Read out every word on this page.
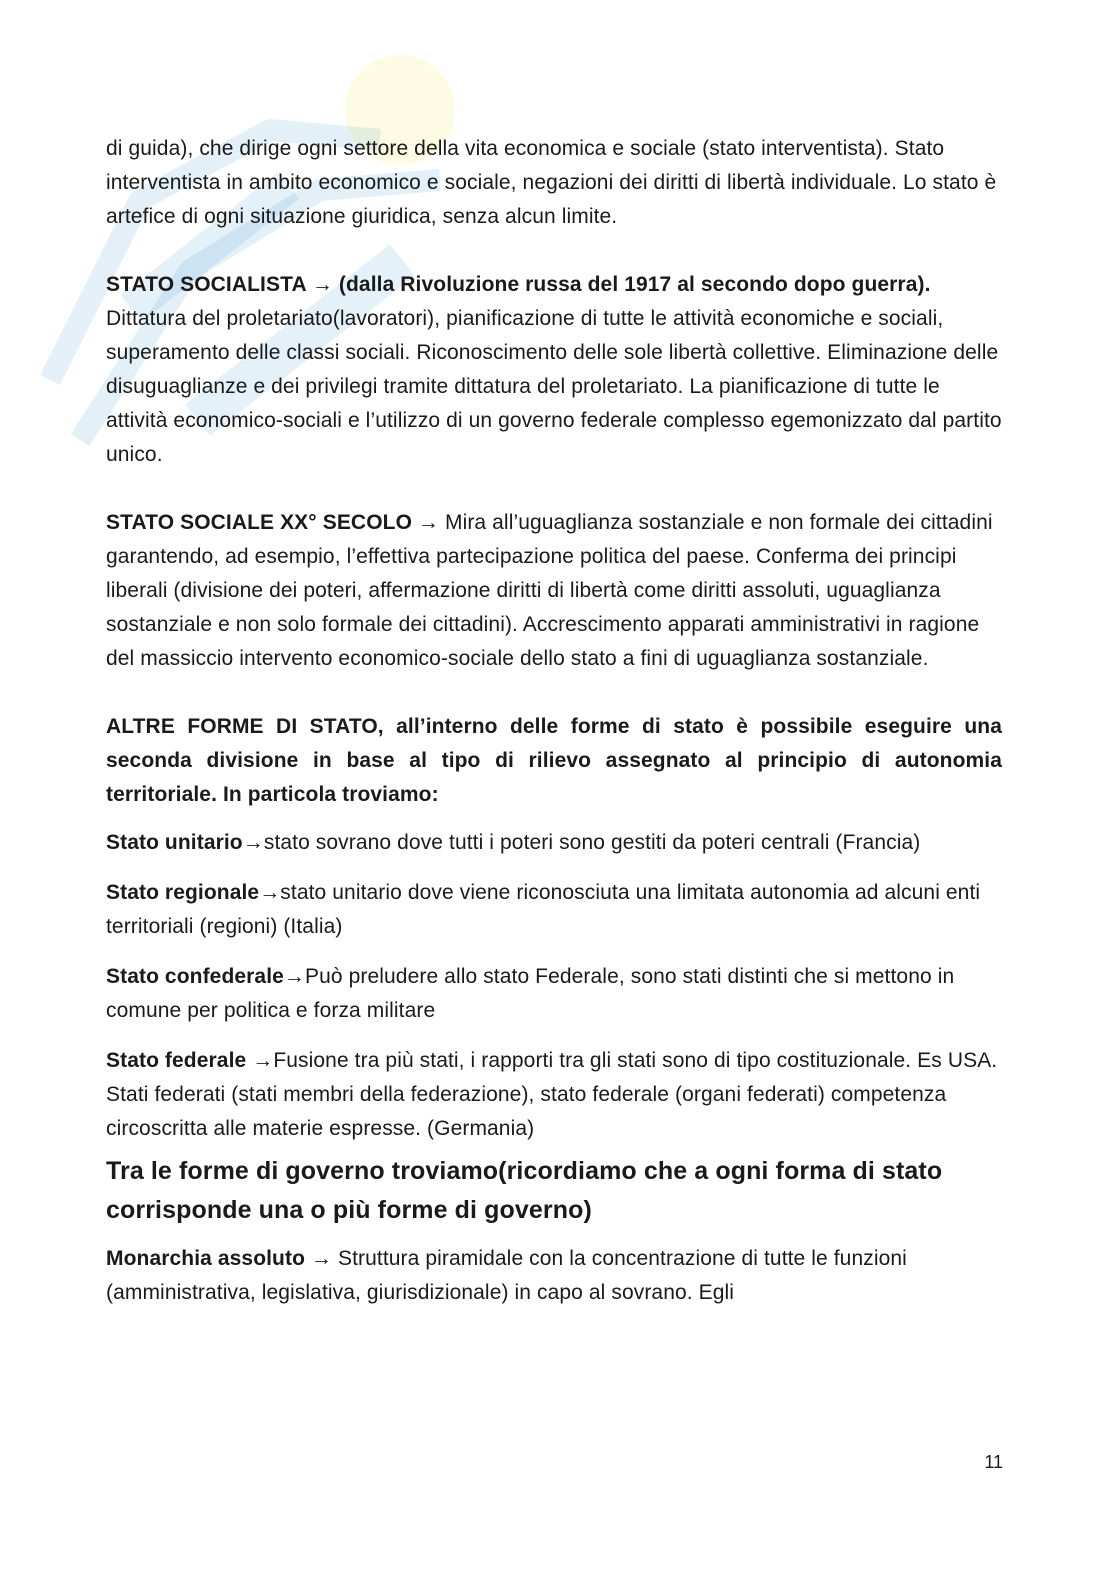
di guida), che dirige ogni settore della vita economica e sociale (stato interventista). Stato interventista in ambito economico e sociale, negazioni dei diritti di libertà individuale. Lo stato è artefice di ogni situazione giuridica, senza alcun limite.

STATO SOCIALISTA → (dalla Rivoluzione russa del 1917 al secondo dopo guerra).
Dittatura del proletariato(lavoratori), pianificazione di tutte le attività economiche e sociali, superamento delle classi sociali. Riconoscimento delle sole libertà collettive. Eliminazione delle disuguaglianze e dei privilegi tramite dittatura del proletariato. La pianificazione di tutte le attività economico-sociali e l’utilizzo di un governo federale complesso egemonizzato dal partito unico.

STATO SOCIALE XX° SECOLO → Mira all’uguaglianza sostanziale e non formale dei cittadini garantendo, ad esempio, l’effettiva partecipazione politica del paese. Conferma dei principi liberali (divisione dei poteri, affermazione diritti di libertà come diritti assoluti, uguaglianza sostanziale e non solo formale dei cittadini). Accrescimento apparati amministrativi in ragione del massiccio intervento economico-sociale dello stato a fini di uguaglianza sostanziale.

ALTRE FORME DI STATO, all’interno delle forme di stato è possibile eseguire una seconda divisione in base al tipo di rilievo assegnato al principio di autonomia territoriale. In particola troviamo:

Stato unitario→stato sovrano dove tutti i poteri sono gestiti da poteri centrali (Francia)

Stato regionale→stato unitario dove viene riconosciuta una limitata autonomia ad alcuni enti territoriali (regioni) (Italia)

Stato confederale→Può preludere allo stato Federale, sono stati distinti che si mettono in comune per politica e forza militare

Stato federale →Fusione tra più stati, i rapporti tra gli stati sono di tipo costituzionale. Es USA. Stati federati (stati membri della federazione), stato federale (organi federati) competenza circoscritta alle materie espresse. (Germania)

Tra le forme di governo troviamo(ricordiamo che a ogni forma di stato corrisponde una o più forme di governo)

Monarchia assoluto → Struttura piramidale con la concentrazione di tutte le funzioni (amministrativa, legislativa, giurisdizionale) in capo al sovrano. Egli

11
